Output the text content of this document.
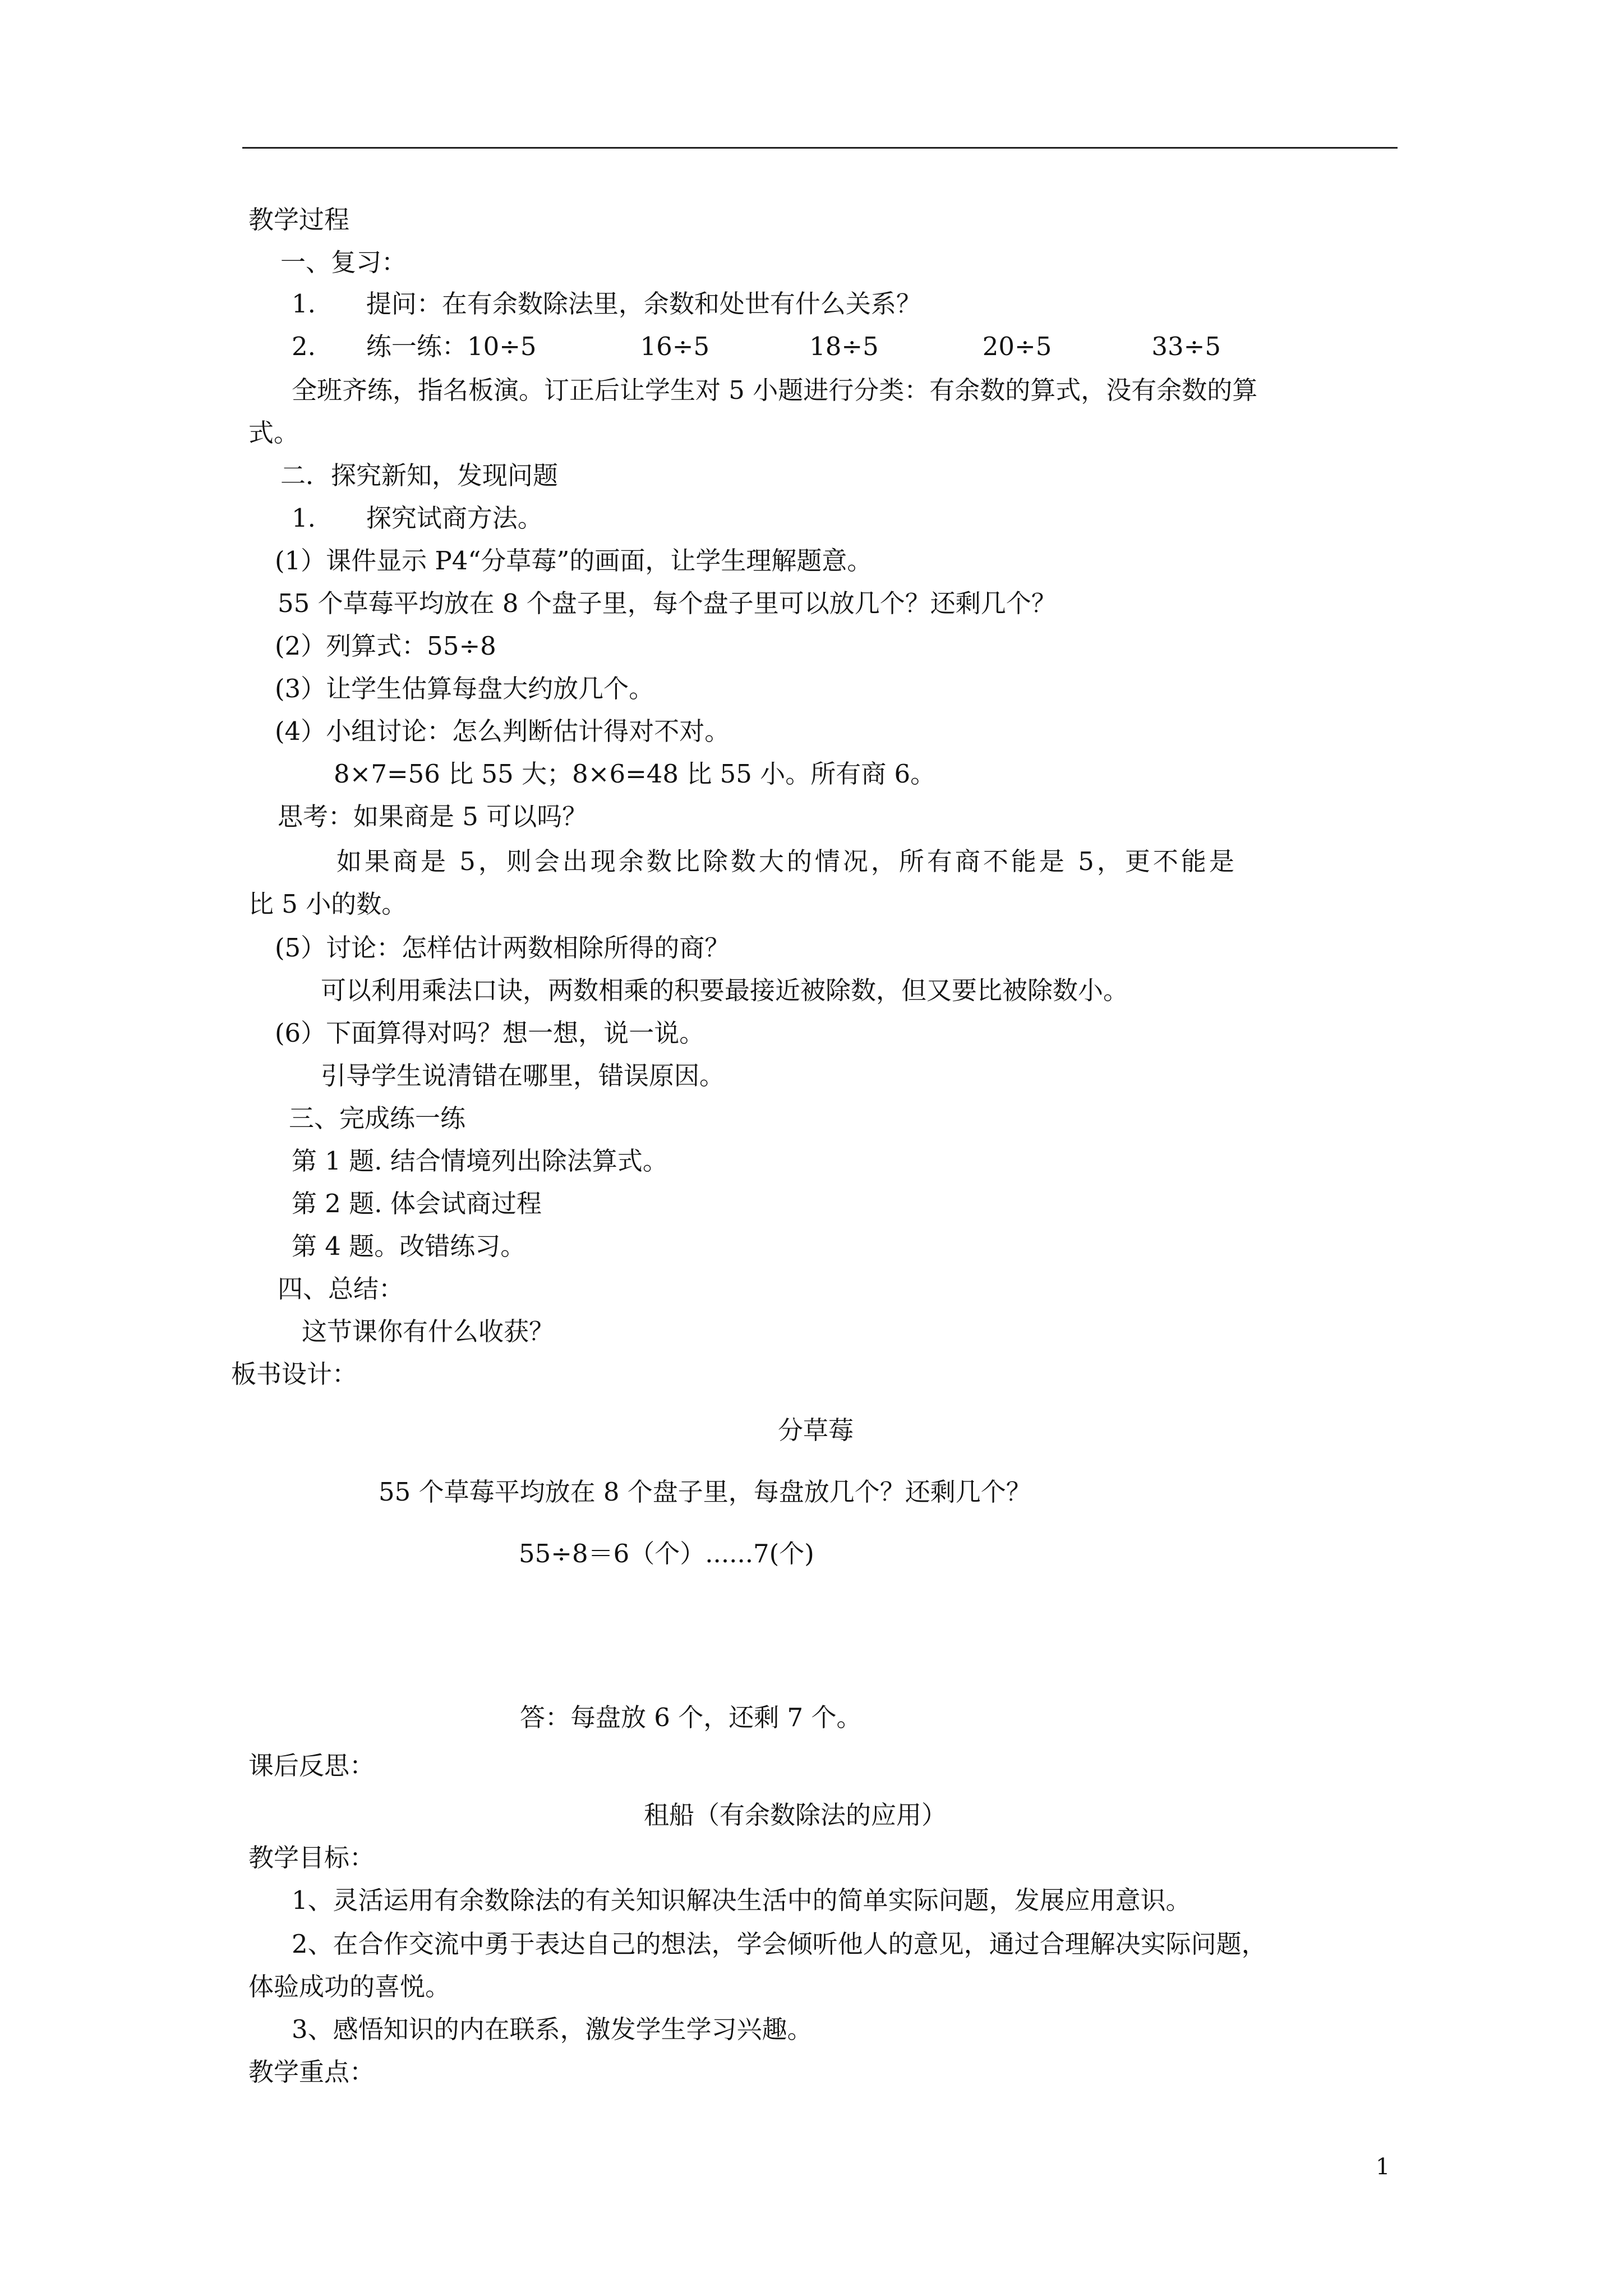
教学过程
一、复习：
1.　　提问：在有余数除法里，余数和处世有什么关系？
2.　　练一练：10÷5	16÷5	18÷5	20÷5	33÷5
全班齐练，指名板演。订正后让学生对 5 小题进行分类：有余数的算式，没有余数的算
式。
二．探究新知，发现问题
1.　　探究试商方法。
(1）课件显示 P4“分草莓”的画面，让学生理解题意。
55 个草莓平均放在 8 个盘子里，每个盘子里可以放几个？还剩几个？
(2）列算式：55÷8
(3）让学生估算每盘大约放几个。
(4）小组讨论：怎么判断估计得对不对。
8×7=56 比 55 大；8×6=48 比 55 小。所有商 6。
思考：如果商是 5 可以吗？
如果商是 5，则会出现余数比除数大的情况，所有商不能是 5，更不能是
比 5 小的数。
(5）讨论：怎样估计两数相除所得的商？
可以利用乘法口诀，两数相乘的积要最接近被除数，但又要比被除数小。
(6）下面算得对吗？想一想，说一说。
引导学生说清错在哪里，错误原因。
三、完成练一练
第 1 题. 结合情境列出除法算式。
第 2 题. 体会试商过程
第 4 题。改错练习。
四、总结：
这节课你有什么收获？
板书设计：
分草莓
55 个草莓平均放在 8 个盘子里，每盘放几个？还剩几个？
55÷8＝6（个）......7(个)
答：每盘放 6 个，还剩 7 个。
课后反思：
租船（有余数除法的应用）
教学目标：
1、灵活运用有余数除法的有关知识解决生活中的简单实际问题，发展应用意识。
2、在合作交流中勇于表达自己的想法，学会倾听他人的意见，通过合理解决实际问题，
体验成功的喜悦。
3、感悟知识的内在联系，激发学生学习兴趣。
教学重点：
1
